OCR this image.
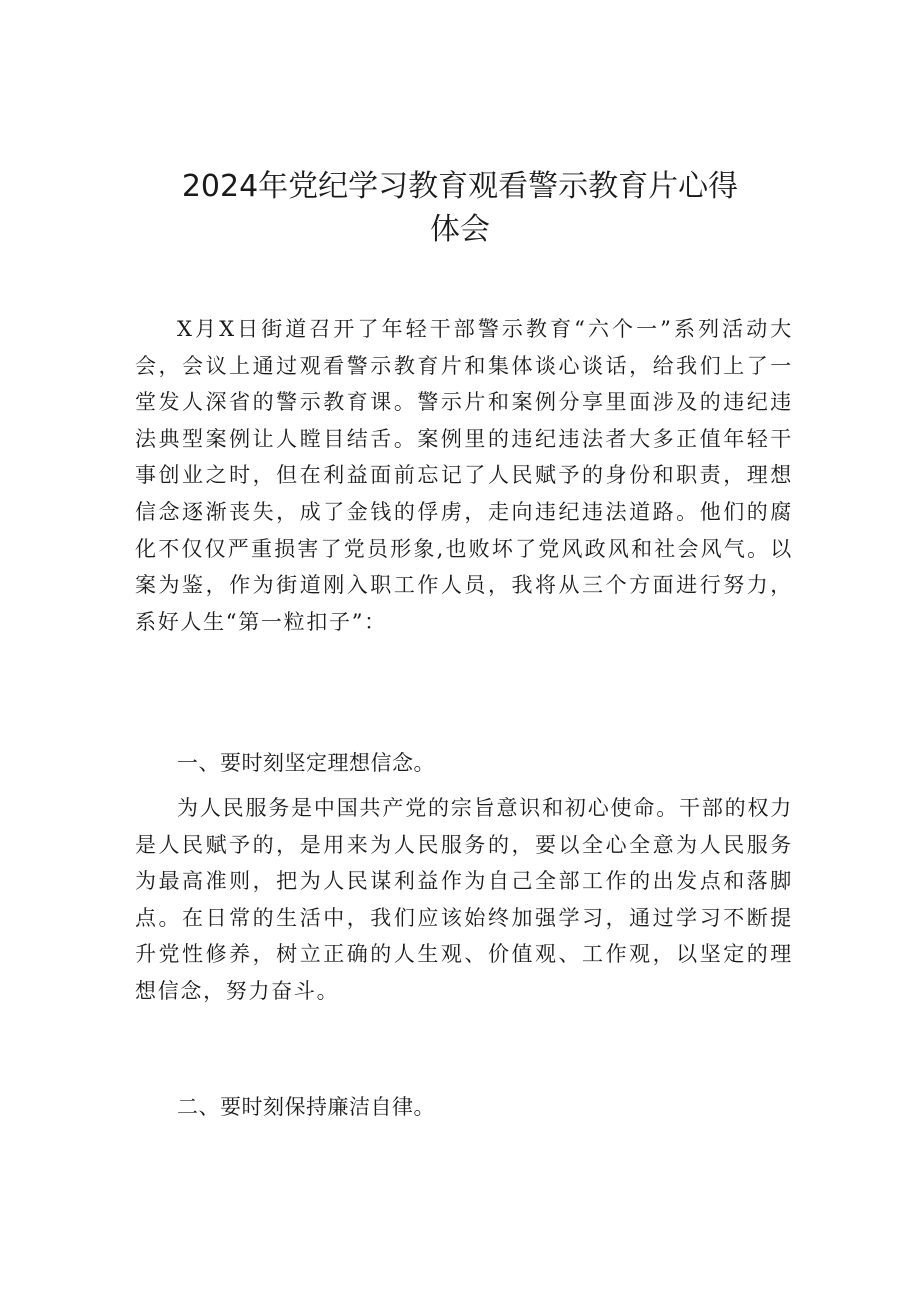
2024年党纪学习教育观看警示教育片心得
体会

X月X日街道召开了年轻干部警示教育“六个一”系列活动大会，会议上通过观看警示教育片和集体谈心谈话，给我们上了一堂发人深省的警示教育课。警示片和案例分享里面涉及的违纪违法典型案例让人瞠目结舌。案例里的违纪违法者大多正值年轻干事创业之时，但在利益面前忘记了人民赋予的身份和职责，理想信念逐渐丧失，成了金钱的俘虏，走向违纪违法道路。他们的腐化不仅仅严重损害了党员形象,也败坏了党风政风和社会风气。以案为鉴，作为街道刚入职工作人员，我将从三个方面进行努力，系好人生“第一粒扣子”：

一、要时刻坚定理想信念。

为人民服务是中国共产党的宗旨意识和初心使命。干部的权力是人民赋予的，是用来为人民服务的，要以全心全意为人民服务为最高准则，把为人民谋利益作为自己全部工作的出发点和落脚点。在日常的生活中，我们应该始终加强学习，通过学习不断提升党性修养，树立正确的人生观、价值观、工作观，以坚定的理想信念，努力奋斗。

二、要时刻保持廉洁自律。
